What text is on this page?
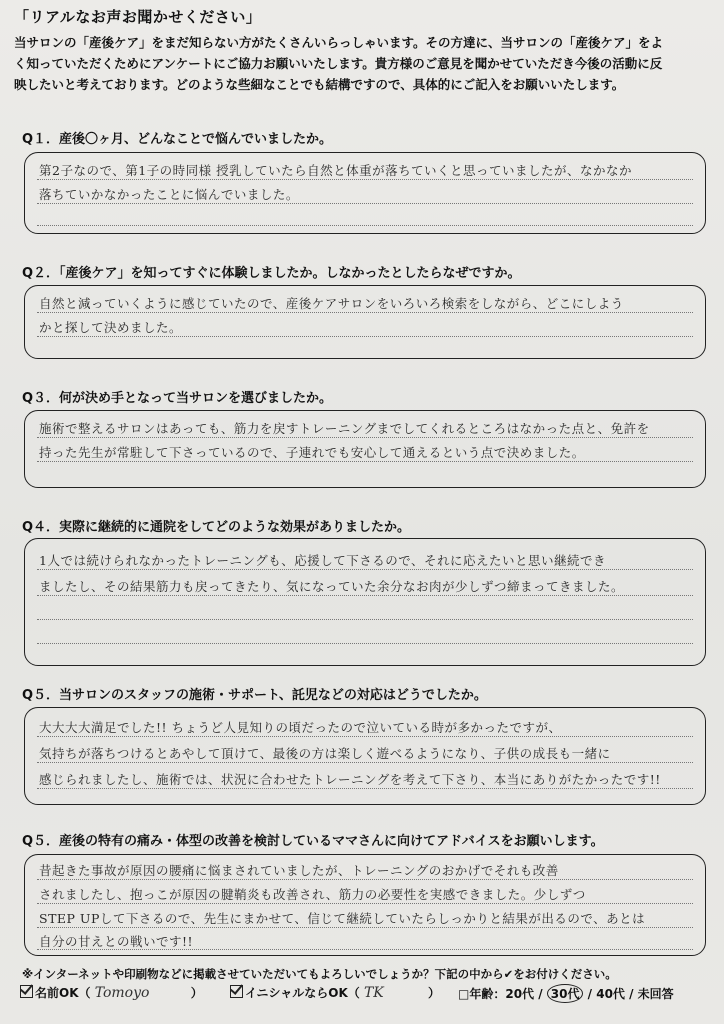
「リアルなお声お聞かせください」
当サロンの「産後ケア」をまだ知らない方がたくさんいらっしゃいます。その方達に、当サロンの「産後ケア」をよ
く知っていただくためにアンケートにご協力お願いいたします。貴方様のご意見を聞かせていただき今後の活動に反
映したいと考えております。どのような些細なことでも結構ですので、具体的にご記入をお願いいたします。
Q１．産後〇ヶ月、どんなことで悩んでいましたか。
第2子なので、第1子の時同様 授乳していたら自然と体重が落ちていくと思っていましたが、なかなか
落ちていかなかったことに悩んでいました。
Q２．「産後ケア」を知ってすぐに体験しましたか。しなかったとしたらなぜですか。
自然と減っていくように感じていたので、産後ケアサロンをいろいろ検索をしながら、どこにしよう
かと探して決めました。
Q３．何が決め手となって当サロンを選びましたか。
施術で整えるサロンはあっても、筋力を戻すトレーニングまでしてくれるところはなかった点と、免許を
持った先生が常駐して下さっているので、子連れでも安心して通えるという点で決めました。
Q４．実際に継続的に通院をしてどのような効果がありましたか。
1人では続けられなかったトレーニングも、応援して下さるので、それに応えたいと思い継続でき
ましたし、その結果筋力も戻ってきたり、気になっていた余分なお肉が少しずつ締まってきました。
Q５．当サロンのスタッフの施術・サポート、託児などの対応はどうでしたか。
大大大大満足でした!! ちょうど人見知りの頃だったので泣いている時が多かったですが、
気持ちが落ちつけるとあやして頂けて、最後の方は楽しく遊べるようになり、子供の成長も一緒に
感じられましたし、施術では、状況に合わせたトレーニングを考えて下さり、本当にありがたかったです!!
Q５．産後の特有の痛み・体型の改善を検討しているママさんに向けてアドバイスをお願いします。
昔起きた事故が原因の腰痛に悩まされていましたが、トレーニングのおかげでそれも改善
されましたし、抱っこが原因の腱鞘炎も改善され、筋力の必要性を実感できました。少しずつ
STEP UPして下さるので、先生にまかせて、信じて継続していたらしっかりと結果が出るので、あとは
自分の甘えとの戦いです!!
※インターネットや印刷物などに掲載させていただいてもよろしいでしょうか？下記の中から✔をお付けください。
名前OK（ Tomoyo	）	イニシャルならOK（ TK	） □年齢：20代 / 30代 / 40代 / 未回答
